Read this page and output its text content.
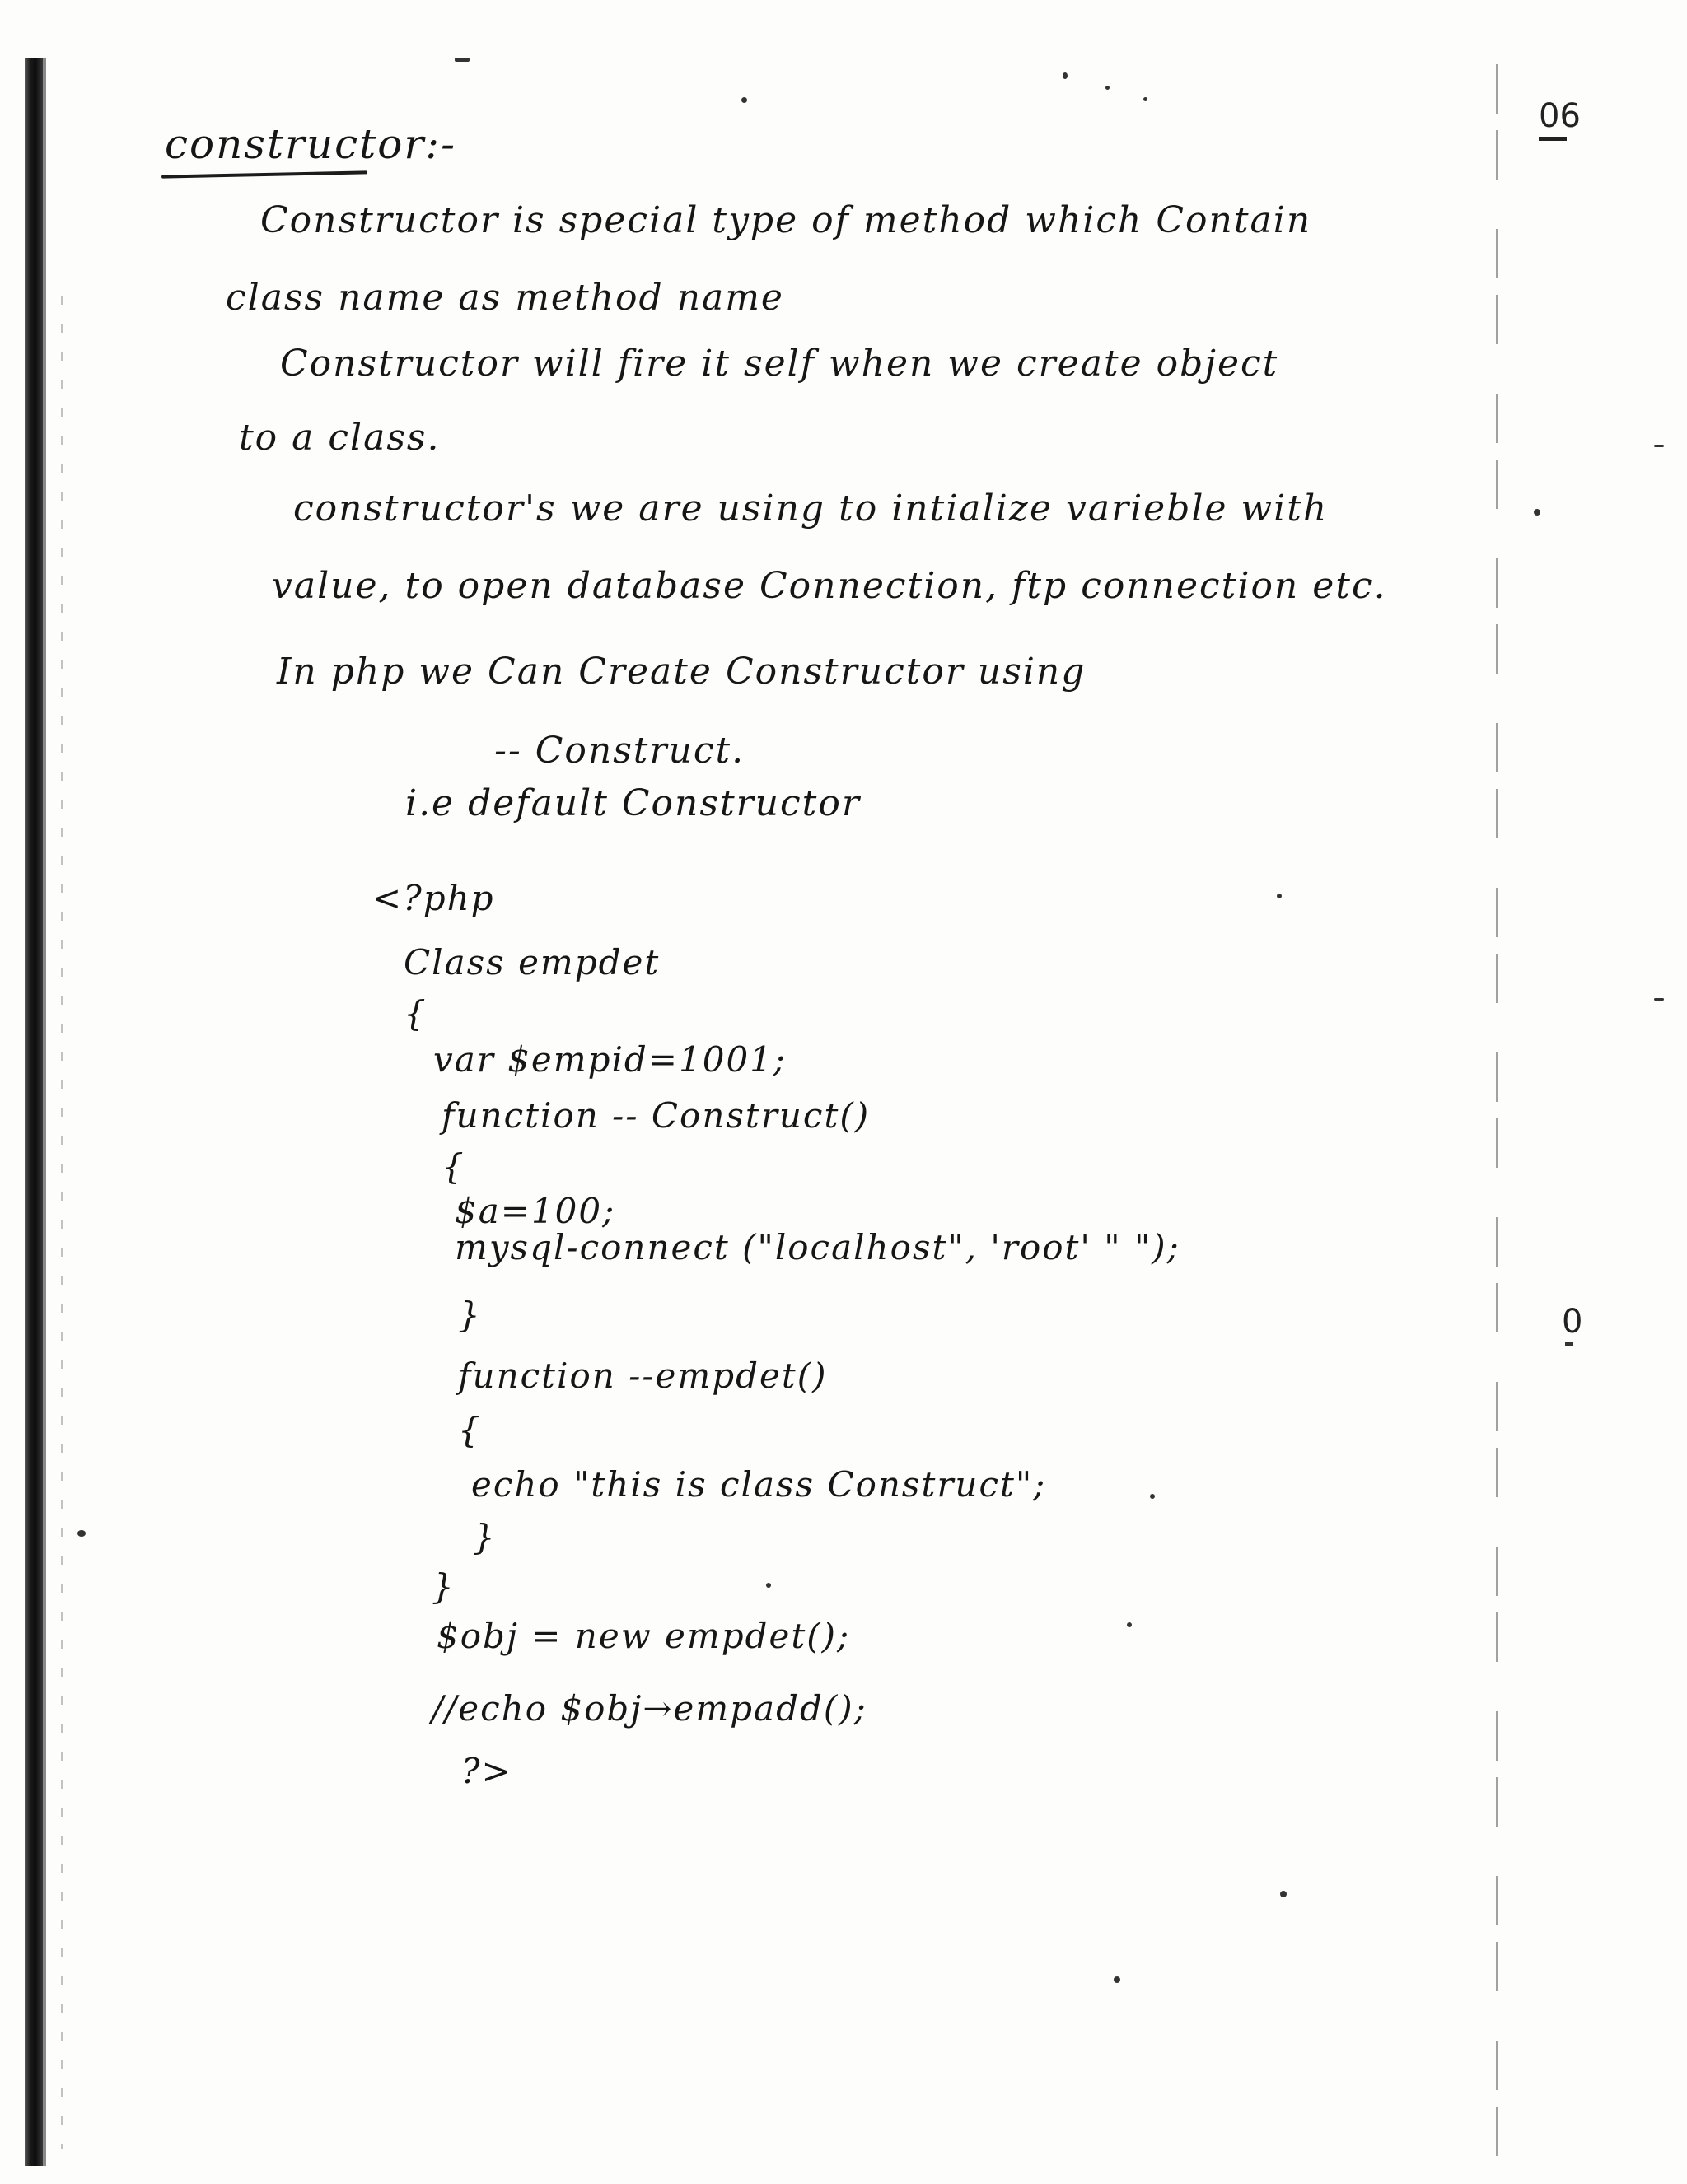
06
0
constructor:-
Constructor is special type of method which Contain
class name as method name
Constructor will fire it self when we create object
to a class.
constructor's we are using to intialize varieble with
value, to open database Connection, ftp connection etc.
In php we Can Create Constructor using
-- Construct.
i.e default Constructor
<?php
Class empdet
{
var $empid=1001;
function -- Construct()
{
$a=100;
mysql-connect ("localhost", 'root' " ");
}
function --empdet()
{
echo "this is class Construct";
}
}
$obj = new empdet();
//echo $obj→empadd();
?>
